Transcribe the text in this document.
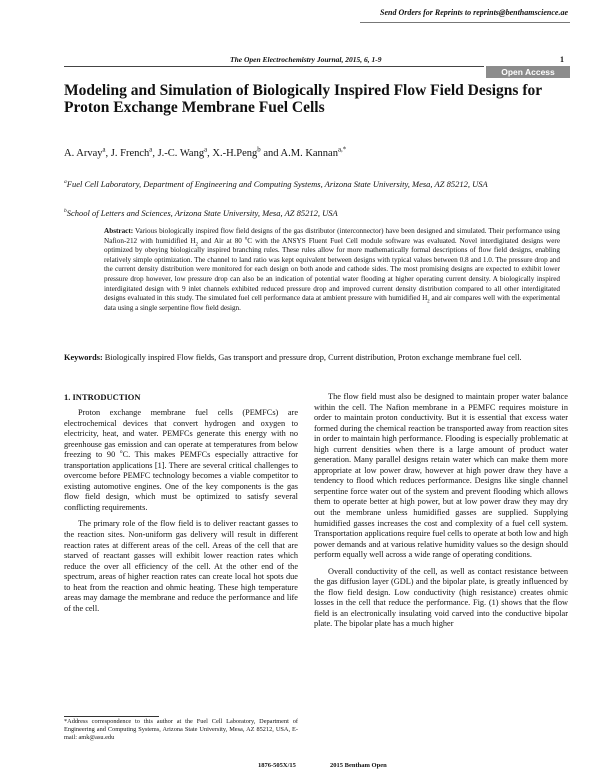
Send Orders for Reprints to reprints@benthamscience.ae
The Open Electrochemistry Journal, 2015, 6, 1-9	1
Open Access
Modeling and Simulation of Biologically Inspired Flow Field Designs for Proton Exchange Membrane Fuel Cells
A. Arvay$^a$, J. French$^a$, J.-C. Wang$^a$, X.-H.Peng$^b$ and A.M. Kannan$^{a,*}$
$^a$Fuel Cell Laboratory, Department of Engineering and Computing Systems, Arizona State University, Mesa, AZ 85212, USA
$^b$School of Letters and Sciences, Arizona State University, Mesa, AZ 85212, USA
Abstract: Various biologically inspired flow field designs of the gas distributor (interconnector) have been designed and simulated. Their performance using Nafion-212 with humidified $H_2$ and Air at 80 $^o$C with the ANSYS Fluent Fuel Cell module software was evaluated. Novel interdigitated designs were optimized by obeying biologically inspired branching rules. These rules allow for more mathematically formal descriptions of flow field designs, enabling relatively simple optimization. The channel to land ratio was kept equivalent between designs with typical values between 0.8 and 1.0. The pressure drop and the current density distribution were monitored for each design on both anode and cathode sides. The most promising designs are expected to exhibit lower pressure drop however, low pressure drop can also be an indication of potential water flooding at higher operating current density. A biologically inspired interdigitated design with 9 inlet channels exhibited reduced pressure drop and improved current density distribution compared to all other interdigitated designs evaluated in this study. The simulated fuel cell performance data at ambient pressure with humidified $H_2$ and air compares well with the experimental data using a single serpentine flow field design.
Keywords: Biologically inspired Flow fields, Gas transport and pressure drop, Current distribution, Proton exchange membrane fuel cell.
1. INTRODUCTION

Proton exchange membrane fuel cells (PEMFCs) are electrochemical devices that convert hydrogen and oxygen to electricity, heat, and water. PEMFCs generate this energy with no greenhouse gas emission and can operate at temperatures from below freezing to 90 $^o$C. This makes PEMFCs especially attractive for transportation applications [1]. There are several critical challenges to overcome before PEMFC technology becomes a viable competitor to existing automotive engines. One of the key components is the gas flow field design, which must be optimized to satisfy several conflicting requirements.

The primary role of the flow field is to deliver reactant gasses to the reaction sites. Non-uniform gas delivery will result in different reaction rates at different areas of the cell. Areas of the cell that are starved of reactant gasses will exhibit lower reaction rates which reduce the over all efficiency of the cell. At the other end of the spectrum, areas of higher reaction rates can create local hot spots due to heat from the reaction and ohmic heating. These high temperature areas may damage the membrane and reduce the performance and life of the cell.

The flow field must also be designed to maintain proper water balance within the cell. The Nafion membrane in a PEMFC requires moisture in order to maintain proton conductivity. But it is essential that excess water formed during the chemical reaction be transported away from reaction sites in order to maintain high performance. Flooding is especially problematic at high current densities when there is a large amount of product water generation. Many parallel designs retain water which can make them more appropriate at low power draw, however at high power draw they have a tendency to flood which reduces performance. Designs like single channel serpentine force water out of the system and prevent flooding which allows them to operate better at high power, but at low power draw they may dry out the membrane unless humidified gasses are supplied. Supplying humidified gasses increases the cost and complexity of a fuel cell system. Transportation applications require fuel cells to operate at both low and high power demands and at various relative humidity values so the design should perform equally well across a wide range of operating conditions.

Overall conductivity of the cell, as well as contact resistance between the gas diffusion layer (GDL) and the bipolar plate, is greatly influenced by the flow field design. Low conductivity (high resistance) creates ohmic losses in the cell that reduce the performance. Fig. (1) shows that the flow field is an electronically insulating void carved into the conductive bipolar plate. The bipolar plate has a much higher

*Address correspondence to this author at the Fuel Cell Laboratory, Department of Engineering and Computing Systems, Arizona State University, Mesa, AZ 85212, USA, E-mail: amk@asu.edu
1876-505X/15	2015 Bentham Open
